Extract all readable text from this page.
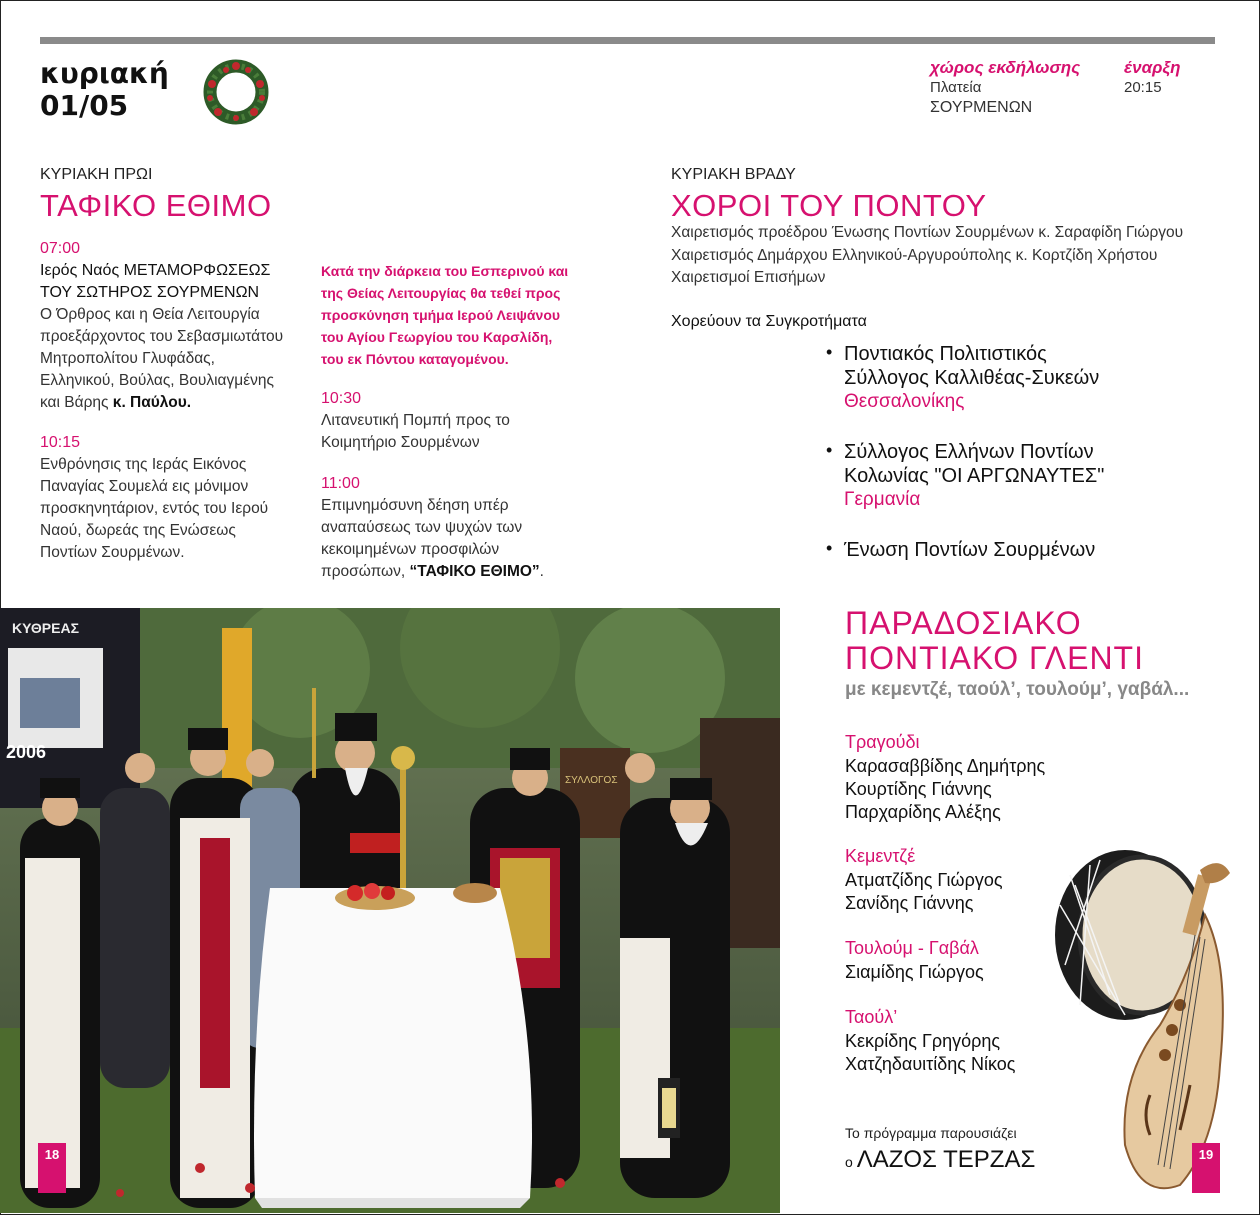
κυριακή
01/05
χώρος εκδήλωσης
Πλατεία
ΣΟΥΡΜΕΝΩΝ
έναρξη
20:15
ΚΥΡΙΑΚΗ ΠΡΩΙ
ΤΑΦΙΚΟ ΕΘΙΜΟ
07:00
Ιερός Ναός ΜΕΤΑΜΟΡΦΩΣΕΩΣ
ΤΟΥ ΣΩΤΗΡΟΣ ΣΟΥΡΜΕΝΩΝ
Ο Όρθρος και η Θεία Λειτουργία
προεξάρχοντος του Σεβασμιωτάτου
Μητροπολίτου Γλυφάδας,
Ελληνικού, Βούλας, Βουλιαγμένης
και Βάρης κ. Παύλου.
10:15
Ενθρόνησις της Ιεράς Εικόνος
Παναγίας Σουμελά εις μόνιμον
προσκηνητάριον, εντός του Ιερού
Ναού, δωρεάς της Ενώσεως
Ποντίων Σουρμένων.
Κατά την διάρκεια του Εσπερινού και
της Θείας Λειτουργίας θα τεθεί προς
προσκύνηση τμήμα Ιερού Λειψάνου
του Αγίου Γεωργίου του Καρσλίδη,
του εκ Πόντου καταγομένου.
10:30
Λιτανευτική Πομπή προς το
Κοιμητήριο Σουρμένων
11:00
Επιμνημόσυνη δέηση υπέρ
αναπαύσεως των ψυχών των
κεκοιμημένων προσφιλών
προσώπων, “ΤΑΦΙΚΟ ΕΘΙΜΟ”.
ΚΥΡΙΑΚΗ ΒΡΑΔΥ
ΧΟΡΟΙ ΤΟΥ ΠΟΝΤΟΥ
Χαιρετισμός προέδρου Ένωσης Ποντίων Σουρμένων κ. Σαραφίδη Γιώργου
Χαιρετισμός Δημάρχου Ελληνικού-Αργυρούπολης κ. Κορτζίδη Χρήστου
Χαιρετισμοί Επισήμων
Χορεύουν τα Συγκροτήματα
• Ποντιακός Πολιτιστικός
Σύλλογος Καλλιθέας-Συκεών
Θεσσαλονίκης
• Σύλλογος Ελλήνων Ποντίων
Κολωνίας "ΟΙ ΑΡΓΩΝΑΥΤΕΣ"
Γερμανία
• Ένωση Ποντίων Σουρμένων
ΚΥΘΡΕΑΣ
2006
ΣΥΛΛΟΓΟΣ
ΠΑΡΑΔΟΣΙΑΚΟ
ΠΟΝΤΙΑΚΟ ΓΛΕΝΤΙ
με κεμεντζέ, ταούλ’, τουλούμ’, γαβάλ...
Τραγούδι
Καρασαββίδης Δημήτρης
Κουρτίδης Γιάννης
Παρχαρίδης Αλέξης
Κεμεντζέ
Ατματζίδης Γιώργος
Σανίδης Γιάννης
Τουλούμ - Γαβάλ
Σιαμίδης Γιώργος
Ταούλ’
Κεκρίδης Γρηγόρης
Χατζηδαυιτίδης Νίκος
Το πρόγραμμα παρουσιάζει
ο ΛΑΖΟΣ ΤΕΡΖΑΣ
18	19
